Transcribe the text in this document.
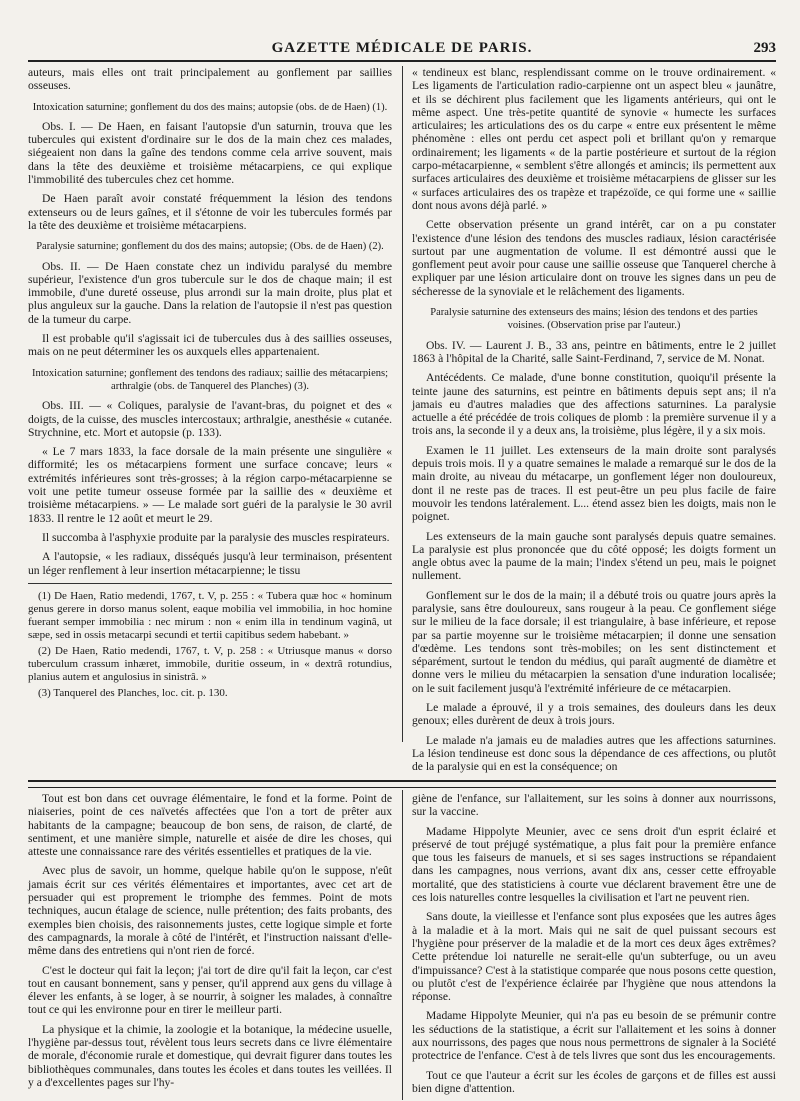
GAZETTE MÉDICALE DE PARIS.	293

auteurs, mais elles ont trait principalement au gonflement par saillies osseuses.

Intoxication saturnine; gonflement du dos des mains; autopsie (obs. de de Haen) (1).

Obs. I. — De Haen, en faisant l'autopsie d'un saturnin, trouva que les tubercules qui existent d'ordinaire sur le dos de la main chez ces malades, siégeaient non dans la gaîne des tendons comme cela arrive souvent, mais dans la tête des deuxième et troisième métacarpiens, ce qui explique l'immobilité des tubercules chez cet homme.

De Haen paraît avoir constaté fréquemment la lésion des tendons extenseurs ou de leurs gaînes, et il s'étonne de voir les tubercules formés par la tête des deuxième et troisième métacarpiens.

Paralysie saturnine; gonflement du dos des mains; autopsie; (Obs. de de Haen) (2).

Obs. II. — De Haen constate chez un individu paralysé du membre supérieur, l'existence d'un gros tubercule sur le dos de chaque main; il est immobile, d'une dureté osseuse, plus arrondi sur la main droite, plus plat et plus anguleux sur la gauche. Dans la relation de l'autopsie il n'est pas question de la tumeur du carpe.

Il est probable qu'il s'agissait ici de tubercules dus à des saillies osseuses, mais on ne peut déterminer les os auxquels elles appartenaient.

Intoxication saturnine; gonflement des tendons des radiaux; saillie des métacarpiens; arthralgie (obs. de Tanquerel des Planches) (3).

Obs. III. — « Coliques, paralysie de l'avant-bras, du poignet et des « doigts, de la cuisse, des muscles intercostaux; arthralgie, anesthésie « cutanée. Strychnine, etc. Mort et autopsie (p. 133).

« Le 7 mars 1833, la face dorsale de la main présente une singulière « difformité; les os métacarpiens forment une surface concave; leurs « extrémités inférieures sont très-grosses; à la région carpo-métacarpienne se voit une petite tumeur osseuse formée par la saillie des « deuxième et troisième métacarpiens. » — Le malade sort guéri de la paralysie le 30 avril 1833. Il rentre le 12 août et meurt le 29.

Il succomba à l'asphyxie produite par la paralysie des muscles respirateurs.

A l'autopsie, « les radiaux, disséqués jusqu'à leur terminaison, présentent un léger renflement à leur insertion métacarpienne; le tissu

(1) De Haen, Ratio medendi, 1767, t. V, p. 255 : « Tubera quæ hoc « hominum genus gerere in dorso manus solent, eaque mobilia vel immobilia, in hoc homine fuerant semper immobilia : nec mirum : non « enim illa in tendinum vaginâ, ut sæpe, sed in ossis metacarpi secundi et tertii capitibus sedem habebant. »

(2) De Haen, Ratio medendi, 1767, t. V, p. 258 : « Utriusque manus « dorso tuberculum crassum inhæret, immobile, duritie osseum, in « dextrâ rotundius, planius autem et angulosius in sinistrâ. »

(3) Tanquerel des Planches, loc. cit. p. 130.

« tendineux est blanc, resplendissant comme on le trouve ordinairement. « Les ligaments de l'articulation radio-carpienne ont un aspect bleu « jaunâtre, et ils se déchirent plus facilement que les ligaments antérieurs, qui ont le même aspect. Une très-petite quantité de synovie « humecte les surfaces articulaires; les articulations des os du carpe « entre eux présentent le même phénomène : elles ont perdu cet aspect poli et brillant qu'on y remarque ordinairement; les ligaments « de la partie postérieure et surtout de la région carpo-métacarpienne, « semblent s'être allongés et amincis; ils permettent aux surfaces articulaires des deuxième et troisième métacarpiens de glisser sur les « surfaces articulaires des os trapèze et trapézoïde, ce qui forme une « saillie dont nous avons déjà parlé. »

Cette observation présente un grand intérêt, car on a pu constater l'existence d'une lésion des tendons des muscles radiaux, lésion caractérisée surtout par une augmentation de volume. Il est démontré aussi que le gonflement peut avoir pour cause une saillie osseuse que Tanquerel cherche à expliquer par une lésion articulaire dont on trouve les signes dans un peu de sécheresse de la synoviale et le relâchement des ligaments.

Paralysie saturnine des extenseurs des mains; lésion des tendons et des parties voisines. (Observation prise par l'auteur.)

Obs. IV. — Laurent J. B., 33 ans, peintre en bâtiments, entre le 2 juillet 1863 à l'hôpital de la Charité, salle Saint-Ferdinand, 7, service de M. Nonat.

Antécédents. Ce malade, d'une bonne constitution, quoiqu'il présente la teinte jaune des saturnins, est peintre en bâtiments depuis sept ans; il n'a jamais eu d'autres maladies que des affections saturnines. La paralysie actuelle a été précédée de trois coliques de plomb : la première survenue il y a trois ans, la seconde il y a deux ans, la troisième, plus légère, il y a six mois.

Examen le 11 juillet. Les extenseurs de la main droite sont paralysés depuis trois mois. Il y a quatre semaines le malade a remarqué sur le dos de la main droite, au niveau du métacarpe, un gonflement léger non douloureux, dont il ne reste pas de traces. Il est peut-être un peu plus facile de faire mouvoir les tendons latéralement. L... étend assez bien les doigts, mais non le poignet.

Les extenseurs de la main gauche sont paralysés depuis quatre semaines. La paralysie est plus prononcée que du côté opposé; les doigts forment un angle obtus avec la paume de la main; l'index s'étend un peu, mais le poignet nullement.

Gonflement sur le dos de la main; il a débuté trois ou quatre jours après la paralysie, sans être douloureux, sans rougeur à la peau. Ce gonflement siége sur le milieu de la face dorsale; il est triangulaire, à base inférieure, et repose par sa partie moyenne sur le troisième métacarpien; il donne une sensation d'œdème. Les tendons sont très-mobiles; on les sent distinctement et séparément, surtout le tendon du médius, qui paraît augmenté de diamètre et donne vers le milieu du métacarpien la sensation d'une induration localisée; on le suit facilement jusqu'à l'extrémité inférieure de ce métacarpien.

Le malade a éprouvé, il y a trois semaines, des douleurs dans les deux genoux; elles durèrent de deux à trois jours.

Le malade n'a jamais eu de maladies autres que les affections saturnines. La lésion tendineuse est donc sous la dépendance de ces affections, ou plutôt de la paralysie qui en est la conséquence; on

Tout est bon dans cet ouvrage élémentaire, le fond et la forme. Point de niaiseries, point de ces naïvetés affectées que l'on a tort de prêter aux habitants de la campagne; beaucoup de bon sens, de raison, de clarté, de sentiment, et une manière simple, naturelle et aisée de dire les choses, qui atteste une connaissance rare des vérités essentielles et pratiques de la vie.

Avec plus de savoir, un homme, quelque habile qu'on le suppose, n'eût jamais écrit sur ces vérités élémentaires et importantes, avec cet art de persuader qui est proprement le triomphe des femmes. Point de mots techniques, aucun étalage de science, nulle prétention; des faits probants, des exemples bien choisis, des raisonnements justes, cette logique simple et forte des campagnards, la morale à côté de l'intérêt, et l'instruction naissant d'elle-même dans des entretiens qui n'ont rien de forcé.

C'est le docteur qui fait la leçon; j'ai tort de dire qu'il fait la leçon, car c'est tout en causant bonnement, sans y penser, qu'il apprend aux gens du village à élever les enfants, à se loger, à se nourrir, à soigner les malades, à connaître tout ce qui les environne pour en tirer le meilleur parti.

La physique et la chimie, la zoologie et la botanique, la médecine usuelle, l'hygiène par-dessus tout, révèlent tous leurs secrets dans ce livre élémentaire de morale, d'économie rurale et domestique, qui devrait figurer dans toutes les bibliothèques communales, dans toutes les écoles et dans toutes les veillées. Il y a d'excellentes pages sur l'hy-

giène de l'enfance, sur l'allaitement, sur les soins à donner aux nourrissons, sur la vaccine.

Madame Hippolyte Meunier, avec ce sens droit d'un esprit éclairé et préservé de tout préjugé systématique, a plus fait pour la première enfance que tous les faiseurs de manuels, et si ses sages instructions se répandaient dans les campagnes, nous verrions, avant dix ans, cesser cette effroyable mortalité, que des statisticiens à courte vue déclarent bravement être une de ces lois naturelles contre lesquelles la civilisation et l'art ne peuvent rien.

Sans doute, la vieillesse et l'enfance sont plus exposées que les autres âges à la maladie et à la mort. Mais qui ne sait de quel puissant secours est l'hygiène pour préserver de la maladie et de la mort ces deux âges extrêmes? Cette prétendue loi naturelle ne serait-elle qu'un subterfuge, ou un aveu d'impuissance? C'est à la statistique comparée que nous posons cette question, ou plutôt c'est de l'expérience éclairée par l'hygiène que nous attendons la réponse.

Madame Hippolyte Meunier, qui n'a pas eu besoin de se prémunir contre les séductions de la statistique, a écrit sur l'allaitement et les soins à donner aux nourrissons, des pages que nous nous permettrons de signaler à la Société protectrice de l'enfance. C'est à de tels livres que sont dus les encouragements.

Tout ce que l'auteur a écrit sur les écoles de garçons et de filles est aussi bien digne d'attention.
